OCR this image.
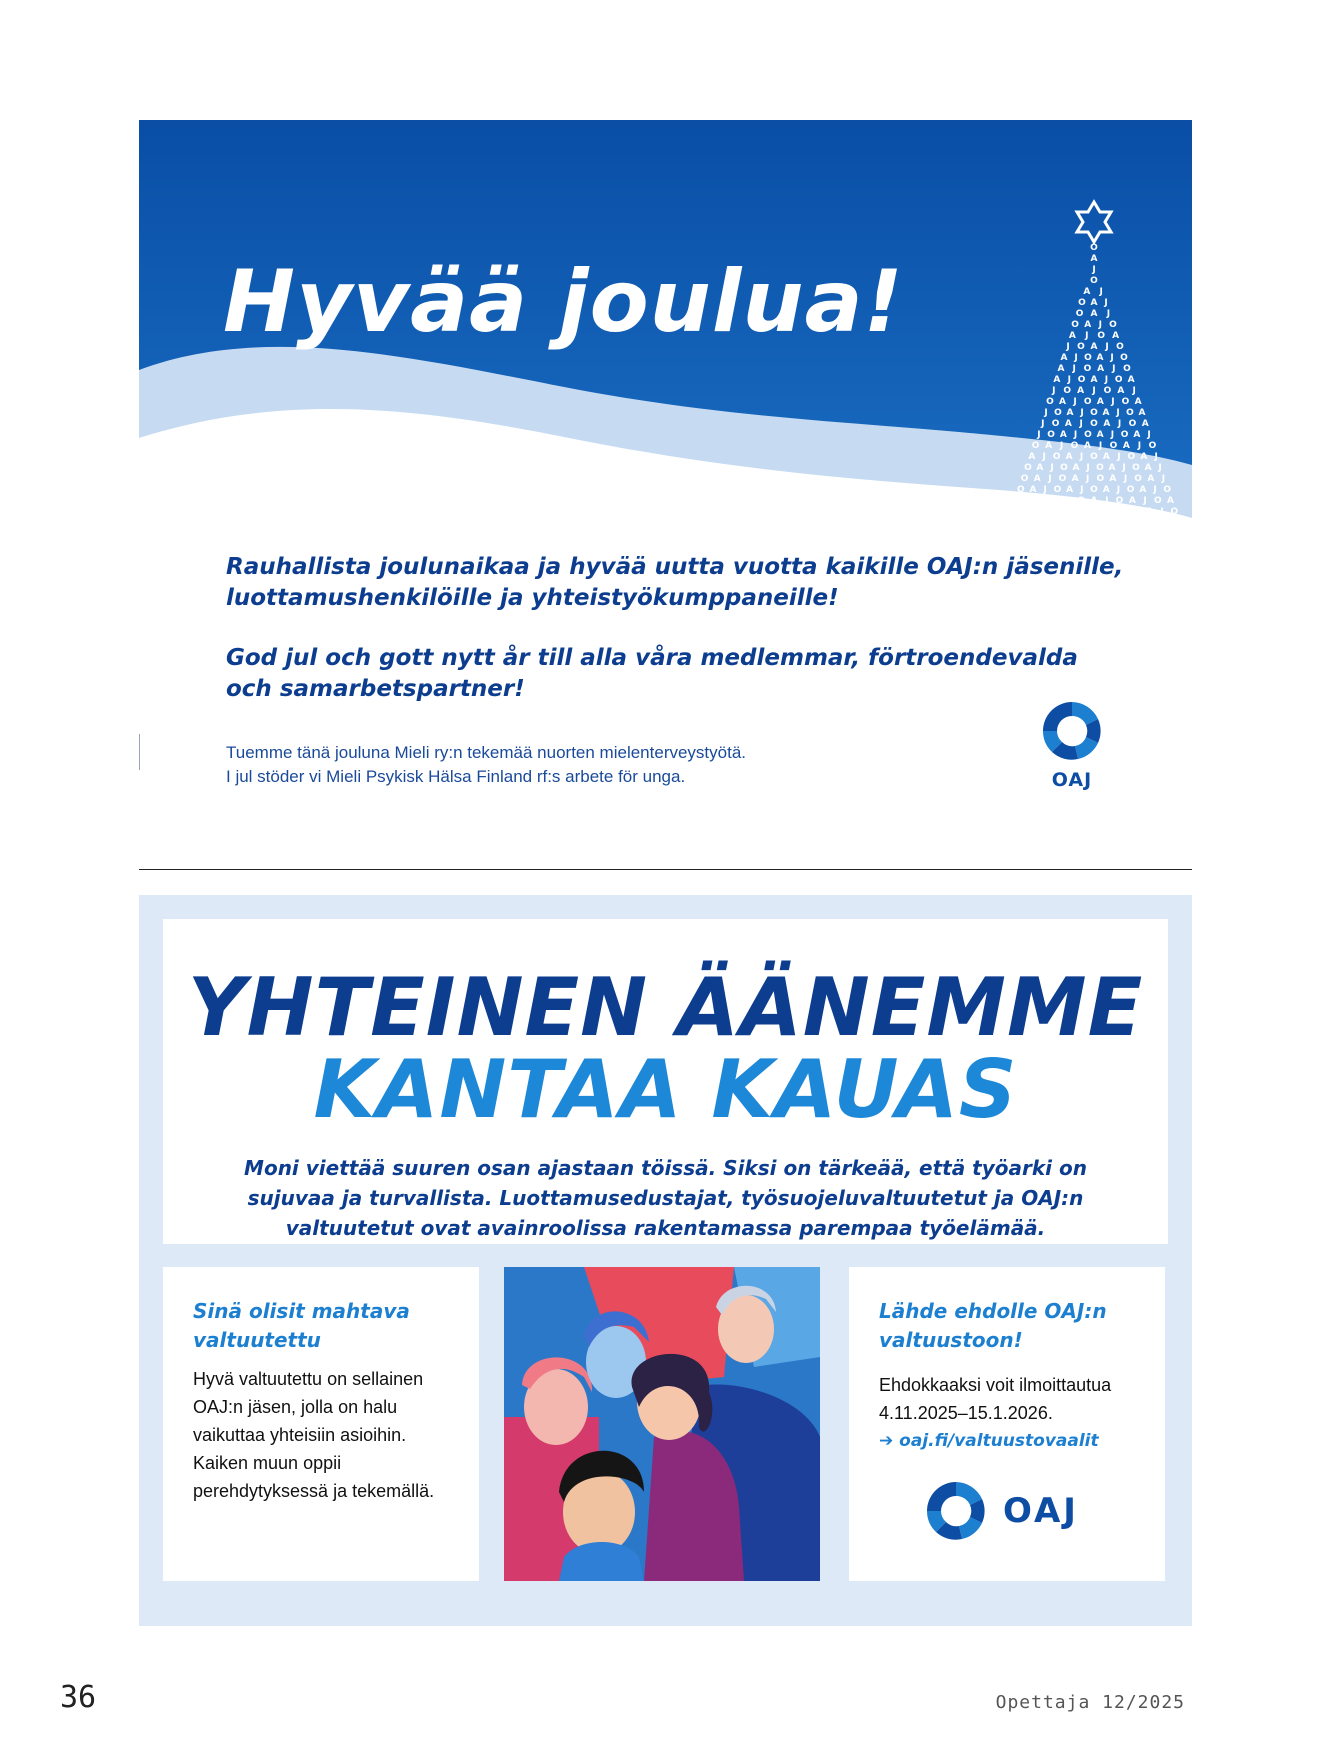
Hyvää joulua!
O
A
J
O
A J
O A J
O A J
O A J O
A J O A
J O A J O
A J O A J O
A J O A J O
A J O A J O A
J O A J O A J
O A J O A J O A
J O A J O A J O A
J O A J O A J O A
J O A J O A J O A J
O A J O A J O A J O
A J O A J O A J O A J
O A J O A J O A J O A J
O A J O A J O A J O A J
O A J O A J O A J O A J O
A J O A J O A J O A J O A
J O A J O A J O A J O A J O
A J O A J O A J O A J O A J O
A J O A J O A J O A J O A J O

Rauhallista joulunaikaa ja hyvää uutta vuotta kaikille OAJ:n jäsenille, luottamushenkilöille ja yhteistyökumppaneille!

God jul och gott nytt år till alla våra medlemmar, förtroendevalda och samarbetspartner!

Tuemme tänä jouluna Mieli ry:n tekemää nuorten mielenterveystyötä.
I jul stöder vi Mieli Psykisk Hälsa Finland rf:s arbete för unga.	OAJ
YHTEINEN ÄÄNEMME
KANTAA KAUAS

Moni viettää suuren osan ajastaan töissä. Siksi on tärkeää, että työarki on sujuvaa ja turvallista. Luottamusedustajat, työsuojeluvaltuutetut ja OAJ:n valtuutetut ovat avainroolissa rakentamassa parempaa työelämää.

Sinä olisit mahtava valtuutettu

Hyvä valtuutettu on sellainen OAJ:n jäsen, jolla on halu vaikuttaa yhteisiin asioihin. Kaiken muun oppii perehdytyksessä ja tekemällä.

Lähde ehdolle OAJ:n valtuustoon!

Ehdokkaaksi voit ilmoittautua 4.11.2025–15.1.2026.

➔ oaj.fi/valtuustovaalit
OAJ
36	Opettaja 12/2025
